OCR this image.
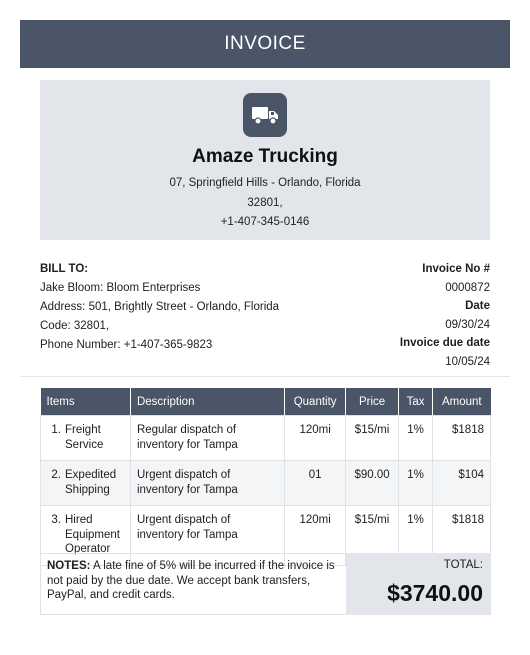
INVOICE
Amaze Trucking
07, Springfield Hills - Orlando, Florida
32801,
+1-407-345-0146
BILL TO:
Jake Bloom: Bloom Enterprises
Address: 501, Brightly Street - Orlando, Florida
Code: 32801,
Phone Number: +1-407-365-9823
Invoice No #
0000872
Date
09/30/24
Invoice due date
10/05/24
Items	Description	Quantity	Price	Tax	Amount

1. Freight Service	Regular dispatch of inventory for Tampa	120mi	$15/mi	1%	$1818

2. Expedited Shipping	Urgent dispatch of inventory for Tampa	01	$90.00	1%	$104

3. Hired Equipment Operator	Urgent dispatch of inventory for Tampa	120mi	$15/mi	1%	$1818
NOTES: A late fine of 5% will be incurred if the invoice is not paid by the due date. We accept bank transfers, PayPal, and credit cards.
TOTAL:
$3740.00
